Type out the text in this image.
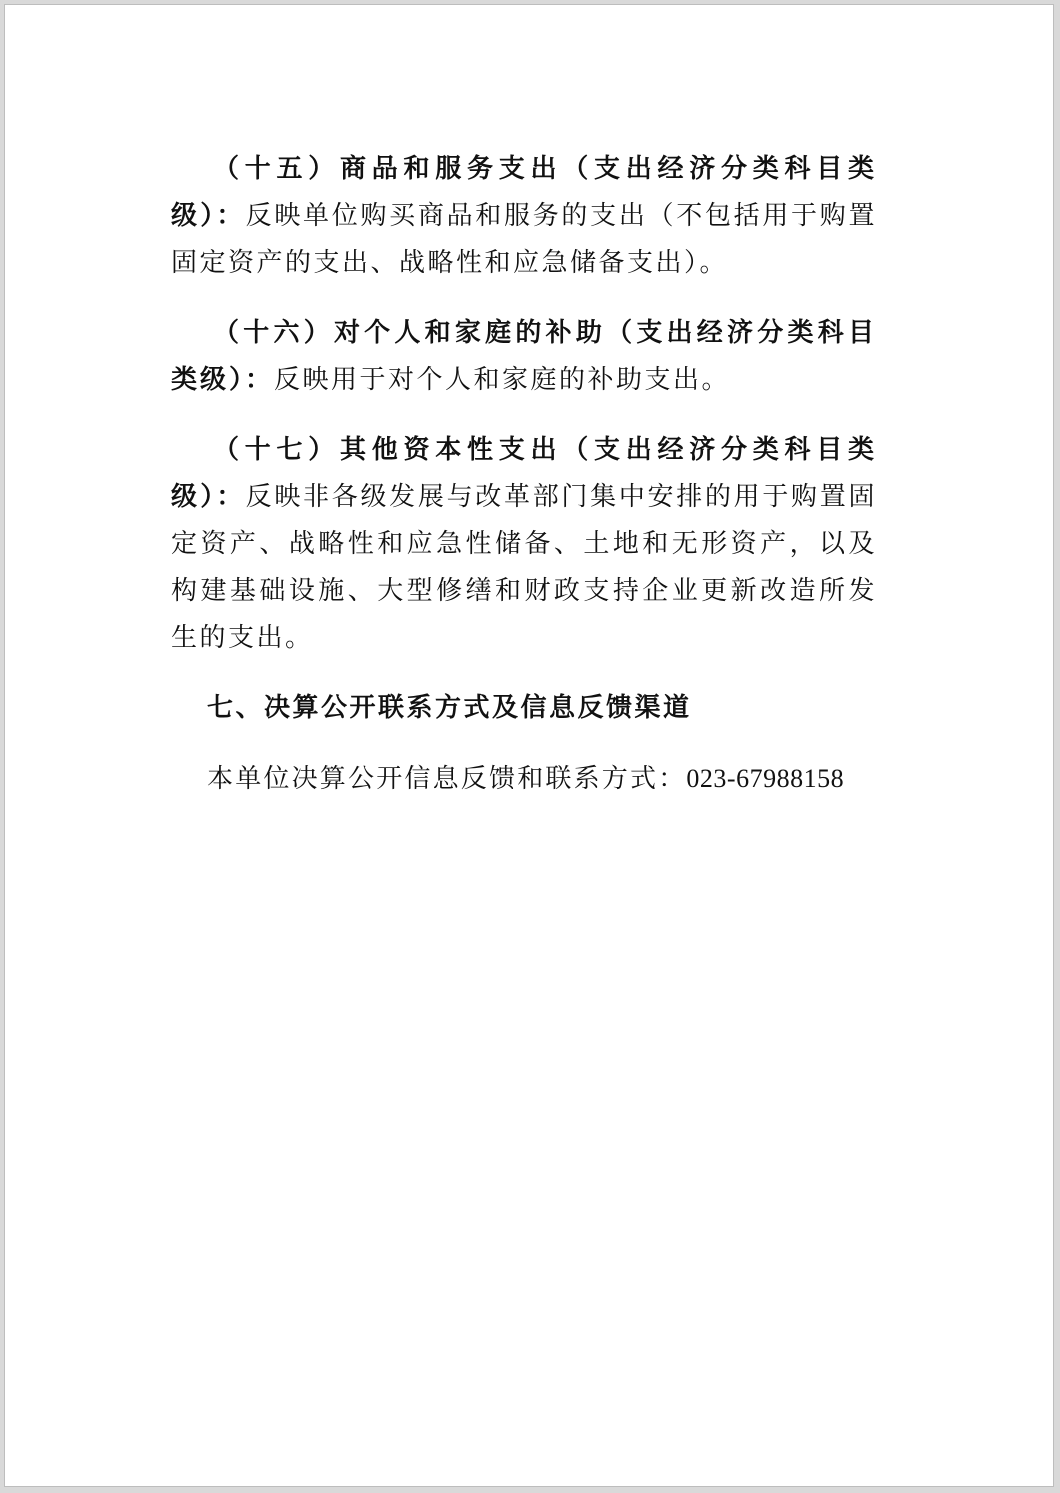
（十五）商品和服务支出（支出经济分类科目类级）：反映单位购买商品和服务的支出（不包括用于购置固定资产的支出、战略性和应急储备支出）。

（十六）对个人和家庭的补助（支出经济分类科目类级）：反映用于对个人和家庭的补助支出。

（十七）其他资本性支出（支出经济分类科目类级）：反映非各级发展与改革部门集中安排的用于购置固定资产、战略性和应急性储备、土地和无形资产，以及构建基础设施、大型修缮和财政支持企业更新改造所发生的支出。

七、决算公开联系方式及信息反馈渠道

本单位决算公开信息反馈和联系方式：023-67988158
